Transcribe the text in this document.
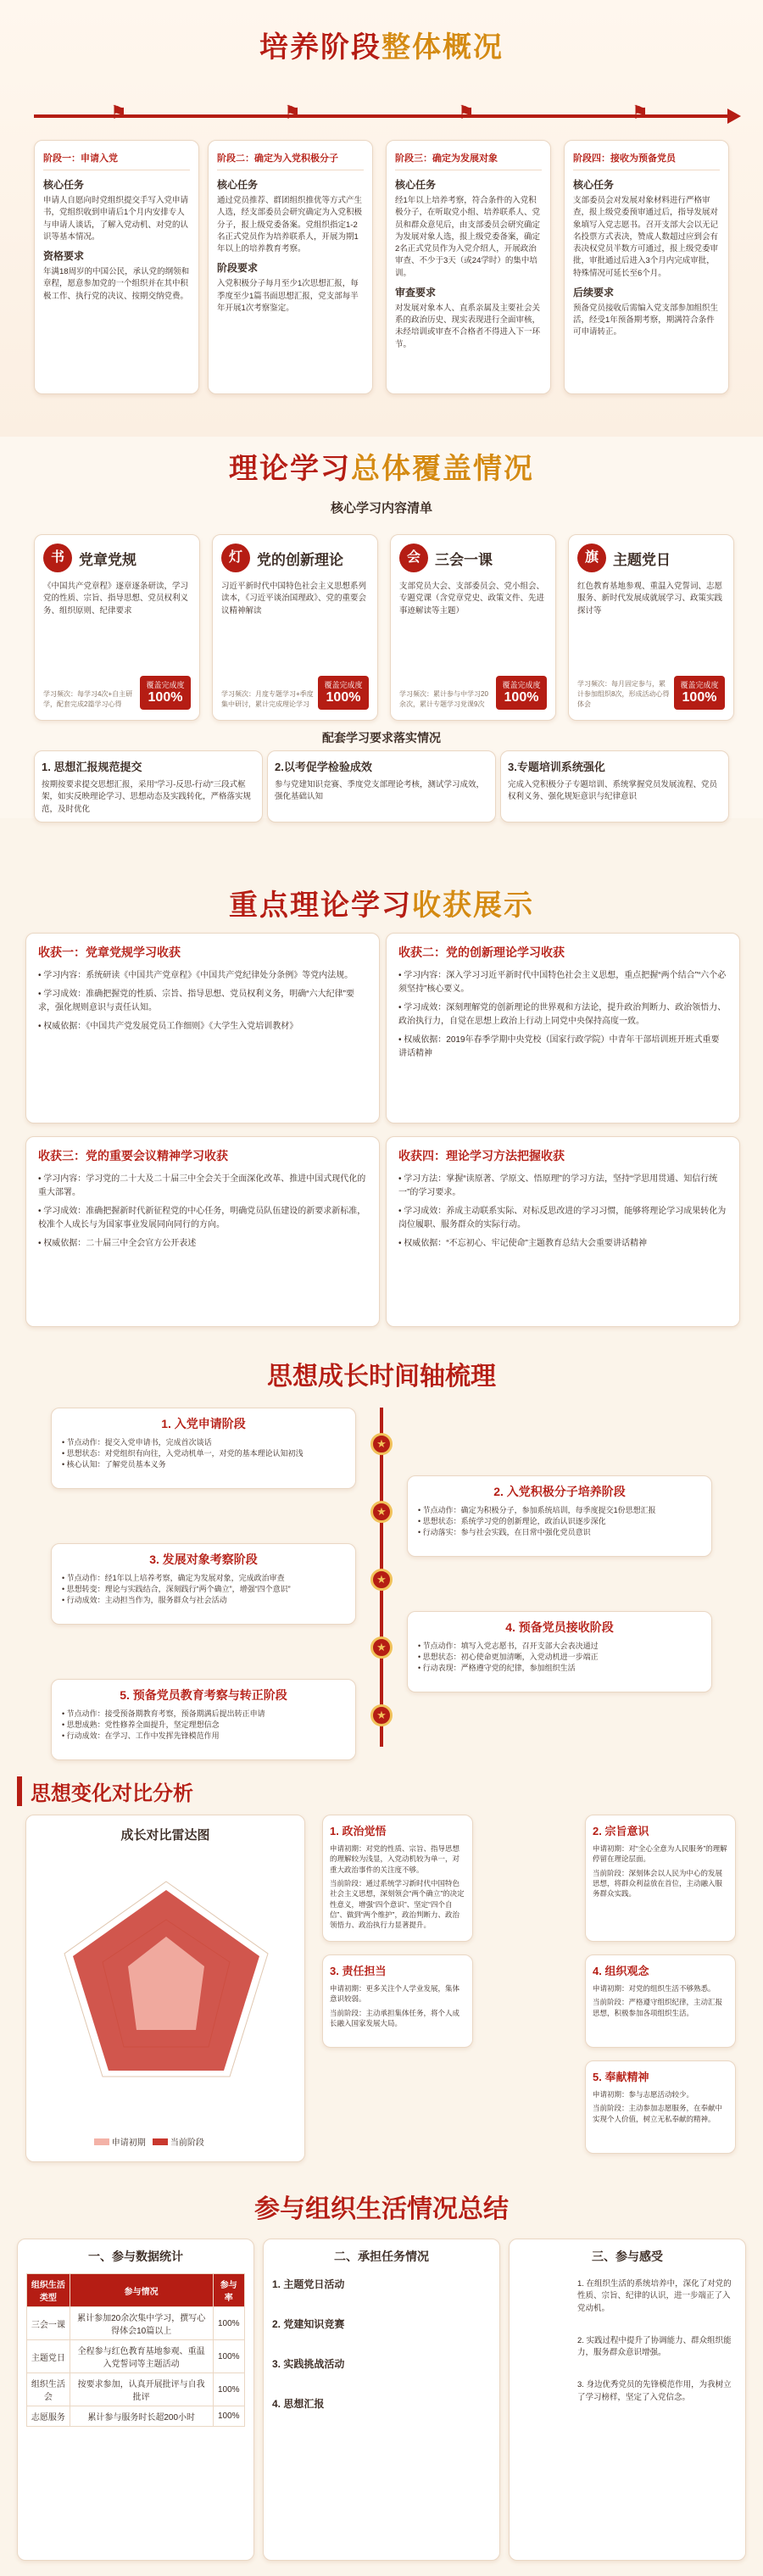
培养阶段整体概况
⚑	⚑	⚑	⚑
阶段一：申请入党
核心任务
申请人自愿向时党组织提交手写入党申请书，党组织收到申请后1个月内安排专人与申请人谈话，了解入党动机、对党的认识等基本情况。
资格要求
年满18周岁的中国公民，承认党的纲领和章程，愿意参加党的一个组织并在其中积极工作、执行党的决议、按期交纳党费。
阶段二：确定为入党积极分子
核心任务
通过党员推荐、群团组织推优等方式产生人选，经支部委员会研究确定为入党积极分子，报上级党委备案。党组织指定1-2名正式党员作为培养联系人，开展为期1年以上的培养教育考察。
阶段要求
入党积极分子每月至少1次思想汇报，每季度至少1篇书面思想汇报，党支部每半年开展1次考察鉴定。
阶段三：确定为发展对象
核心任务
经1年以上培养考察，符合条件的入党积极分子，在听取党小组、培养联系人、党员和群众意见后，由支部委员会研究确定为发展对象人选，报上级党委备案，确定2名正式党员作为入党介绍人，开展政治审查、不少于3天（或24学时）的集中培训。
审查要求
对发展对象本人、直系亲属及主要社会关系的政治历史、现实表现进行全面审核，未经培训或审查不合格者不得进入下一环节。
阶段四：接收为预备党员
核心任务
支部委员会对发展对象材料进行严格审查，报上级党委预审通过后，指导发展对象填写入党志愿书。召开支部大会以无记名投票方式表决，赞成人数超过应到会有表决权党员半数方可通过，报上级党委审批，审批通过后进入3个月内完成审批，特殊情况可延长至6个月。
后续要求
预备党员接收后需编入党支部参加组织生活，经受1年预备期考察，期满符合条件可申请转正。
理论学习总体覆盖情况
核心学习内容清单
书	党章党规
《中国共产党章程》逐章逐条研读，学习党的性质、宗旨、指导思想、党员权利义务、组织原则、纪律要求
学习频次：每学习4次+自主研学，配套完成2篇学习心得
覆盖完成度
100%
灯	党的创新理论
习近平新时代中国特色社会主义思想系列读本，《习近平谈治国理政》、党的重要会议精神解读
学习频次：月度专题学习+季度集中研讨，累计完成理论学习
覆盖完成度
100%
会	三会一课
支部党员大会、支部委员会、党小组会、专题党课（含党章党史、政策文件、先进事迹解读等主题）
学习频次：累计参与中学习20余次，累计专题学习党课9次
覆盖完成度
100%
旗	主题党日
红色教育基地参观、重温入党誓词、志愿服务、新时代发展成就展学习、政策实践探讨等
学习频次：每月固定参与，累计参加组织8次，形成活动心得体会
覆盖完成度
100%
配套学习要求落实情况
1. 思想汇报规范提交
按期按要求提交思想汇报，采用“学习-反思-行动”三段式框架，如实反映理论学习、思想动态及实践转化，严格落实规范，及时优化
2.以考促学检验成效
参与党建知识竞赛、季度党支部理论考核，测试学习成效，强化基础认知
3.专题培训系统强化
完成入党积极分子专题培训、系统掌握党员发展流程、党员权利义务、强化规矩意识与纪律意识
重点理论学习收获展示
收获一：党章党规学习收获

• 学习内容：系统研读《中国共产党章程》《中国共产党纪律处分条例》等党内法规。

• 学习成效：准确把握党的性质、宗旨、指导思想、党员权利义务，明确“六大纪律”要求，强化规则意识与责任认知。

• 权威依据：《中国共产党发展党员工作细则》《大学生入党培训教材》

收获二：党的创新理论学习收获

• 学习内容：深入学习习近平新时代中国特色社会主义思想，重点把握“两个结合”“六个必须坚持”核心要义。

• 学习成效：深刻理解党的创新理论的世界观和方法论，提升政治判断力、政治领悟力、政治执行力，自觉在思想上政治上行动上同党中央保持高度一致。

• 权威依据：2019年春季学期中央党校（国家行政学院）中青年干部培训班开班式重要讲话精神

收获三：党的重要会议精神学习收获

• 学习内容：学习党的二十大及二十届三中全会关于全面深化改革、推进中国式现代化的重大部署。

• 学习成效：准确把握新时代新征程党的中心任务，明确党员队伍建设的新要求新标准，校准个人成长与为国家事业发展同向同行的方向。

• 权威依据：二十届三中全会官方公开表述

收获四：理论学习方法把握收获

• 学习方法：掌握“读原著、学原文、悟原理”的学习方法，坚持“学思用贯通、知信行统一”的学习要求。

• 学习成效：养成主动联系实际、对标反思改进的学习习惯，能够将理论学习成果转化为岗位履职、服务群众的实际行动。

• 权威依据：“不忘初心、牢记使命”主题教育总结大会重要讲话精神

思想成长时间轴梳理
★
★
★
★
★
1. 入党申请阶段

• 节点动作：提交入党申请书，完成首次谈话

• 思想状态：对党组织有向往，入党动机单一，对党的基本理论认知初浅

• 核心认知：了解党员基本义务

2. 入党积极分子培养阶段

• 节点动作：确定为积极分子，参加系统培训，每季度提交1份思想汇报

• 思想状态：系统学习党的创新理论，政治认识逐步深化

• 行动落实：参与社会实践，在日常中强化党员意识

3. 发展对象考察阶段

• 节点动作：经1年以上培养考察，确定为发展对象，完成政治审查

• 思想转变：理论与实践结合，深刻践行“两个确立”，增强“四个意识”

• 行动成效：主动担当作为，服务群众与社会活动

4. 预备党员接收阶段

• 节点动作：填写入党志愿书，召开支部大会表决通过

• 思想状态：初心使命更加清晰，入党动机进一步端正

• 行动表现：严格遵守党的纪律，参加组织生活

5. 预备党员教育考察与转正阶段

• 节点动作：接受预备期教育考察，预备期满后提出转正申请

• 思想成熟：党性修养全面提升，坚定理想信念

• 行动成效：在学习、工作中发挥先锋模范作用

思想变化对比分析
成长对比雷达图
申请初期	当前阶段
1. 政治觉悟

申请初期：对党的性质、宗旨、指导思想的理解较为浅显，入党动机较为单一，对重大政治事件的关注度不够。

当前阶段：通过系统学习新时代中国特色社会主义思想，深刻领会“两个确立”的决定性意义，增强“四个意识”、坚定“四个自信”、做到“两个维护”，政治判断力、政治领悟力、政治执行力显著提升。

2. 宗旨意识

申请初期：对“全心全意为人民服务”的理解停留在理论层面。

当前阶段：深刻体会以人民为中心的发展思想，将群众利益放在首位，主动融入服务群众实践。

3. 责任担当

申请初期：更多关注个人学业发展，集体意识较弱。

当前阶段：主动承担集体任务，将个人成长融入国家发展大局。

4. 组织观念

申请初期：对党的组织生活不够熟悉。

当前阶段：严格遵守组织纪律，主动汇报思想，积极参加各项组织生活。

5. 奉献精神

申请初期：参与志愿活动较少。

当前阶段：主动参加志愿服务，在奉献中实现个人价值，树立无私奉献的精神。

参与组织生活情况总结
一、参与数据统计
组织生活类型	参与情况	参与率
三会一课	累计参加20余次集中学习，撰写心得体会10篇以上	100%
主题党日	全程参与红色教育基地参观、重温入党誓词等主题活动	100%
组织生活会	按要求参加，认真开展批评与自我批评	100%
志愿服务	累计参与服务时长超200小时	100%
二、承担任务情况
1. 主题党日活动
2. 党建知识竞赛
3. 实践挑战活动
4. 思想汇报
三、参与感受

1. 在组织生活的系统培养中，深化了对党的性质、宗旨、纪律的认识，进一步端正了入党动机。

2. 实践过程中提升了协调能力、群众组织能力，服务群众意识增强。

3. 身边优秀党员的先锋模范作用，为我树立了学习榜样，坚定了入党信念。
